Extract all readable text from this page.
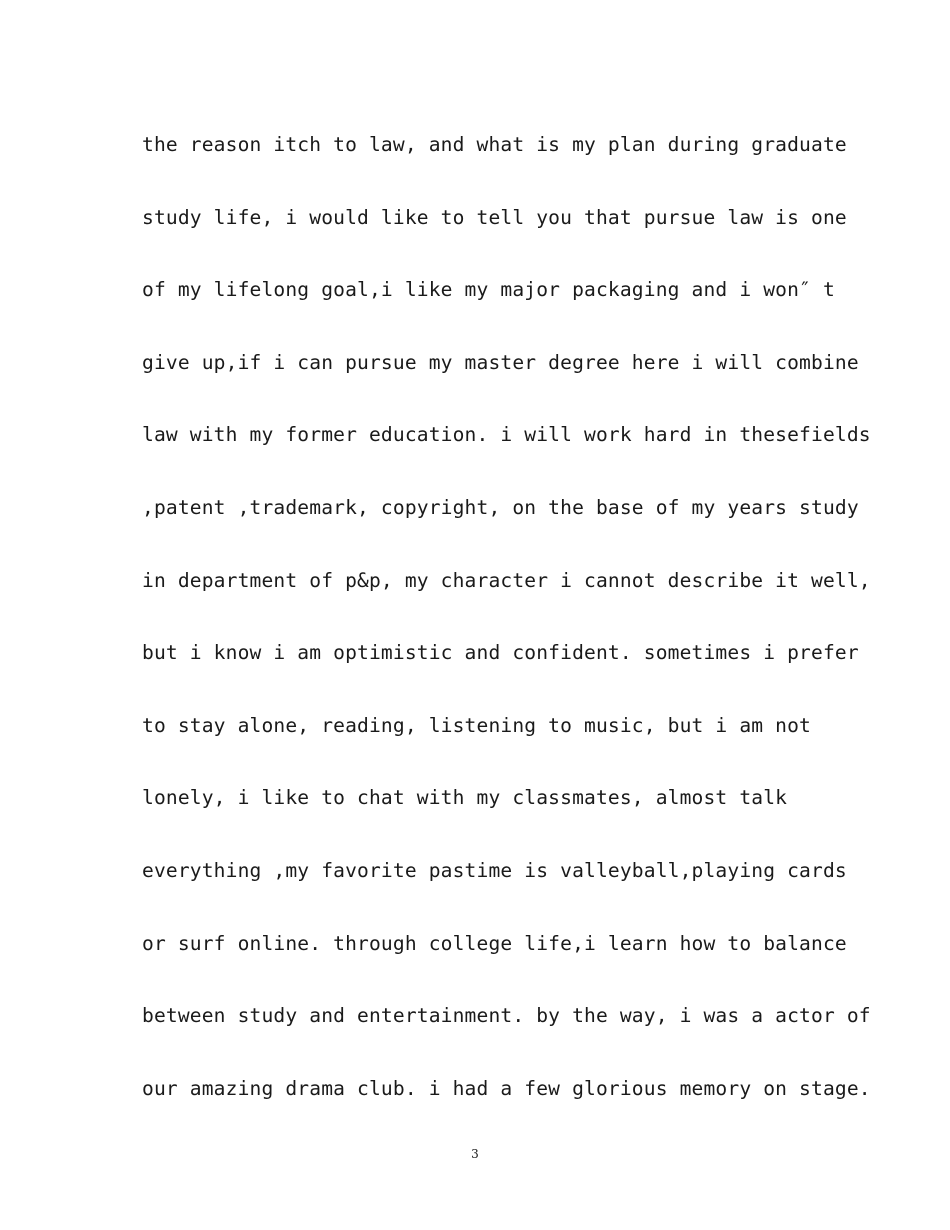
the reason itch to law, and what is my plan during graduate
study life, i would like to tell you that pursue law is one
of my lifelong goal,i like my major packaging and i won″ t
give up,if i can pursue my master degree here i will combine
law with my former education. i will work hard in thesefields
,patent ,trademark, copyright, on the base of my years study
in department of p&p, my character i cannot describe it well,
but i know i am optimistic and confident. sometimes i prefer
to stay alone, reading, listening to music, but i am not
lonely, i like to chat with my classmates, almost talk
everything ,my favorite pastime is valleyball,playing cards
or surf online. through college life,i learn how to balance
between study and entertainment. by the way, i was a actor of
our amazing drama club. i had a few glorious memory on stage.
3
